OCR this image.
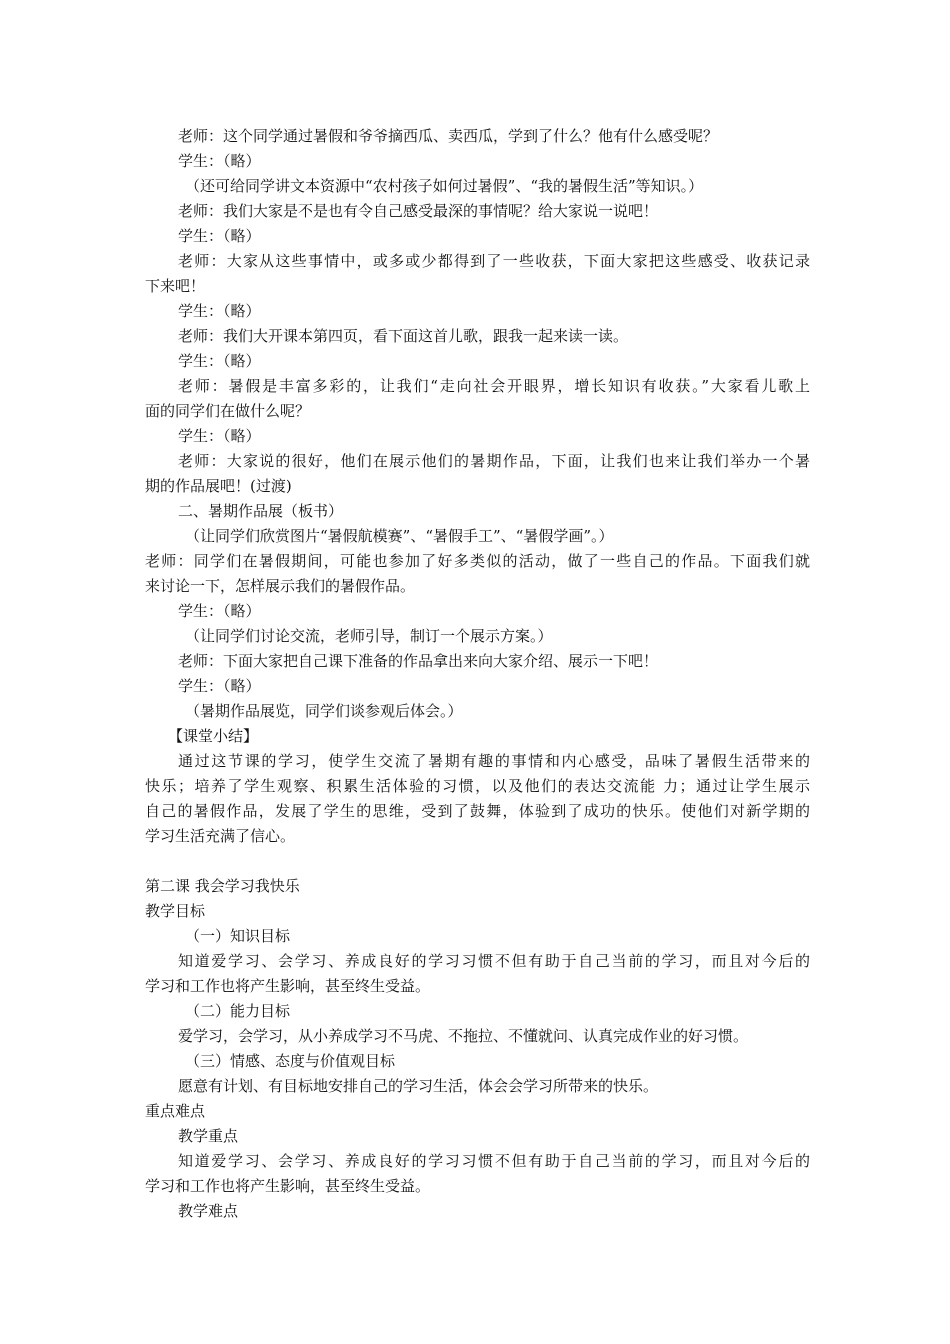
老师：这个同学通过暑假和爷爷摘西瓜、卖西瓜，学到了什么？他有什么感受呢？
学生：（略）
（还可给同学讲文本资源中“农村孩子如何过暑假”、“我的暑假生活”等知识。）
老师：我们大家是不是也有令自己感受最深的事情呢？给大家说一说吧！
学生：（略）
老师：大家从这些事情中，或多或少都得到了一些收获，下面大家把这些感受、收获记录
下来吧！
学生：（略）
老师：我们大开课本第四页，看下面这首儿歌，跟我一起来读一读。
学生：（略）
老师：暑假是丰富多彩的，让我们“走向社会开眼界，增长知识有收获。”大家看儿歌上
面的同学们在做什么呢？
学生：（略）
老师：大家说的很好，他们在展示他们的暑期作品，下面，让我们也来让我们举办一个暑
期的作品展吧！(过渡)
二、暑期作品展（板书）
（让同学们欣赏图片“暑假航模赛”、“暑假手工”、“暑假学画”。）
老师：同学们在暑假期间，可能也参加了好多类似的活动，做了一些自己的作品。下面我们就
来讨论一下，怎样展示我们的暑假作品。
学生：（略）
（让同学们讨论交流，老师引导，制订一个展示方案。）
老师：下面大家把自己课下准备的作品拿出来向大家介绍、展示一下吧！
学生：（略）
（暑期作品展览，同学们谈参观后体会。）
【课堂小结】
通过这节课的学习，使学生交流了暑期有趣的事情和内心感受，品味了暑假生活带来的
快乐；培养了学生观察、积累生活体验的习惯，以及他们的表达交流能 力；通过让学生展示
自己的暑假作品，发展了学生的思维，受到了鼓舞，体验到了成功的快乐。使他们对新学期的
学习生活充满了信心。
第二课 我会学习我快乐
教学目标
（一）知识目标
知道爱学习、会学习、养成良好的学习习惯不但有助于自己当前的学习，而且对今后的
学习和工作也将产生影响，甚至终生受益。
（二）能力目标
爱学习，会学习，从小养成学习不马虎、不拖拉、不懂就问、认真完成作业的好习惯。
（三）情感、态度与价值观目标
愿意有计划、有目标地安排自己的学习生活，体会会学习所带来的快乐。
重点难点
教学重点
知道爱学习、会学习、养成良好的学习习惯不但有助于自己当前的学习，而且对今后的
学习和工作也将产生影响，甚至终生受益。
教学难点
